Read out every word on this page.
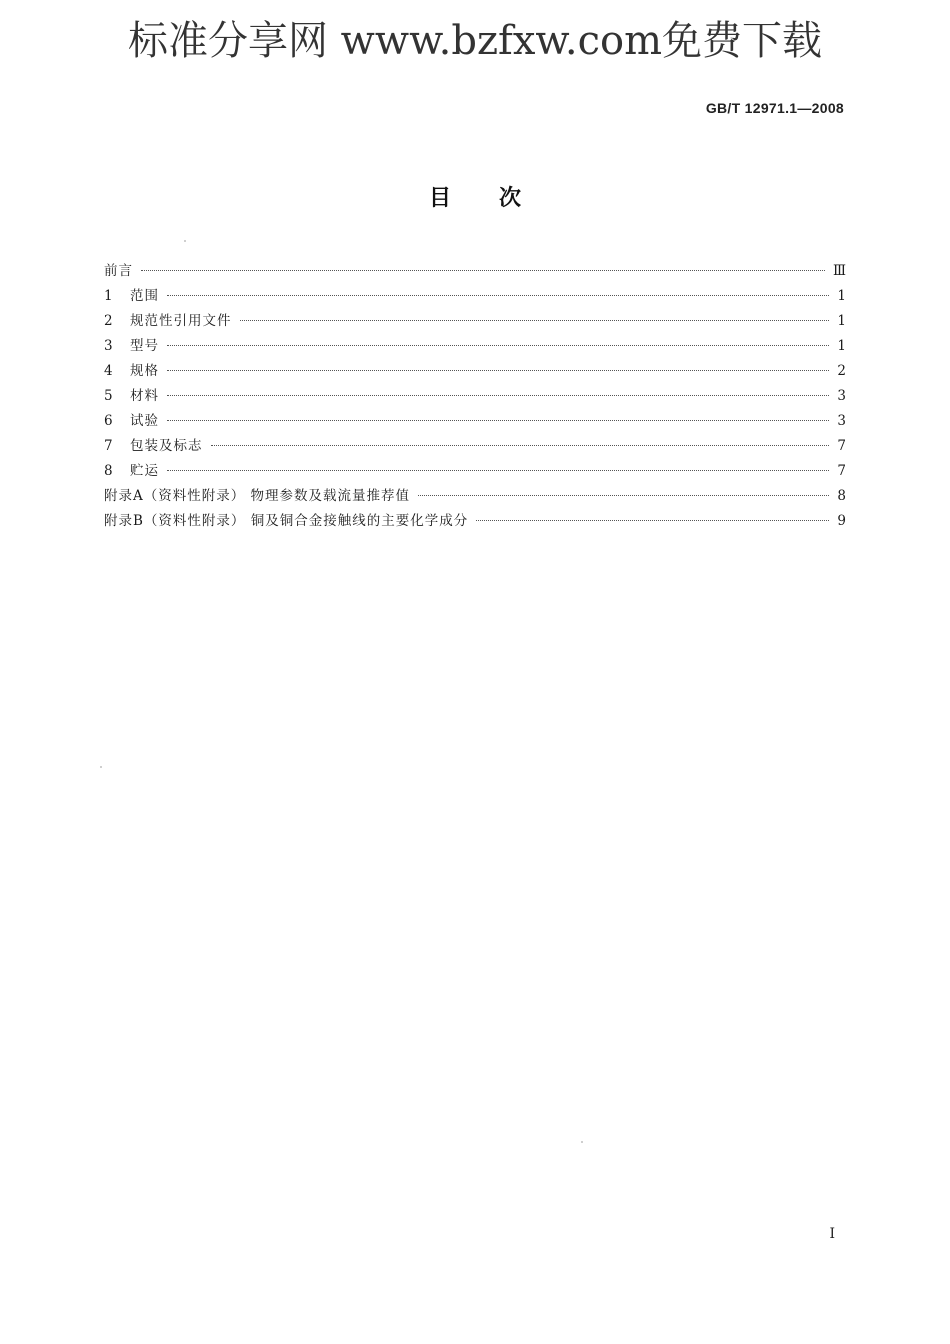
标准分享网 www.bzfxw.com免费下载
GB/T 12971.1—2008
目次
前言	Ⅲ
1	范围	1
2	规范性引用文件	1
3	型号	1
4	规格	2
5	材料	3
6	试验	3
7	包装及标志	7
8	贮运	7
附录A（资料性附录） 物理参数及载流量推荐值	8
附录B（资料性附录） 铜及铜合金接触线的主要化学成分	9
I
